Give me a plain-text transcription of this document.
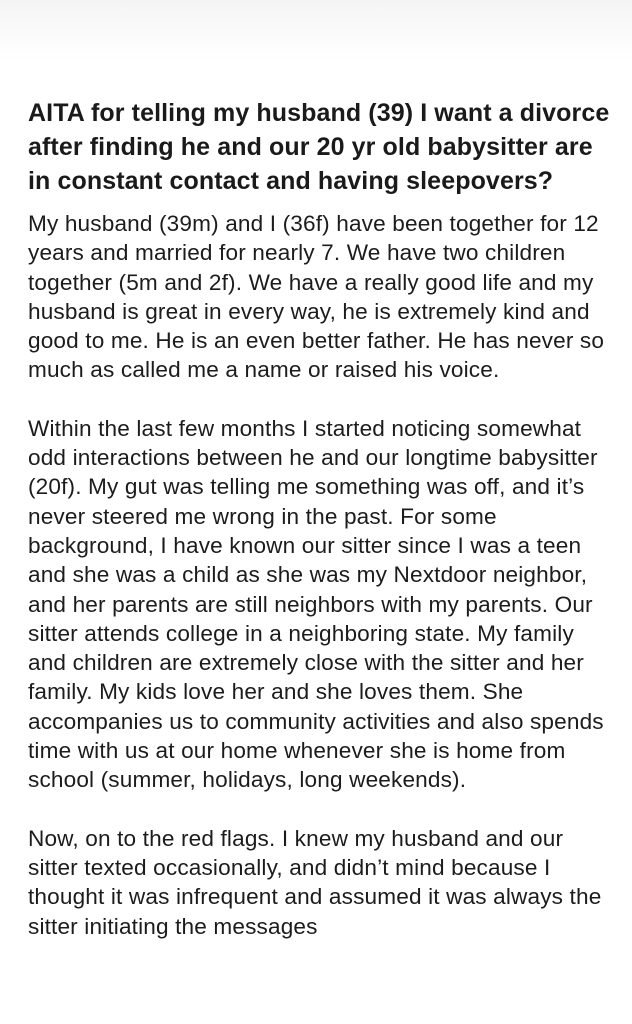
AITA for telling my husband (39) I want a divorce after finding he and our 20 yr old babysitter are in constant contact and having sleepovers?

My husband (39m) and I (36f) have been together for 12 years and married for nearly 7. We have two children together (5m and 2f). We have a really good life and my husband is great in every way, he is extremely kind and good to me. He is an even better father. He has never so much as called me a name or raised his voice.

Within the last few months I started noticing somewhat odd interactions between he and our longtime babysitter (20f). My gut was telling me something was off, and it’s never steered me wrong in the past. For some background, I have known our sitter since I was a teen and she was a child as she was my Nextdoor neighbor, and her parents are still neighbors with my parents. Our sitter attends college in a neighboring state. My family and children are extremely close with the sitter and her family. My kids love her and she loves them. She accompanies us to community activities and also spends time with us at our home whenever she is home from school (summer, holidays, long weekends).

Now, on to the red flags. I knew my husband and our sitter texted occasionally, and didn’t mind because I thought it was infrequent and assumed it was always the sitter initiating the messages
